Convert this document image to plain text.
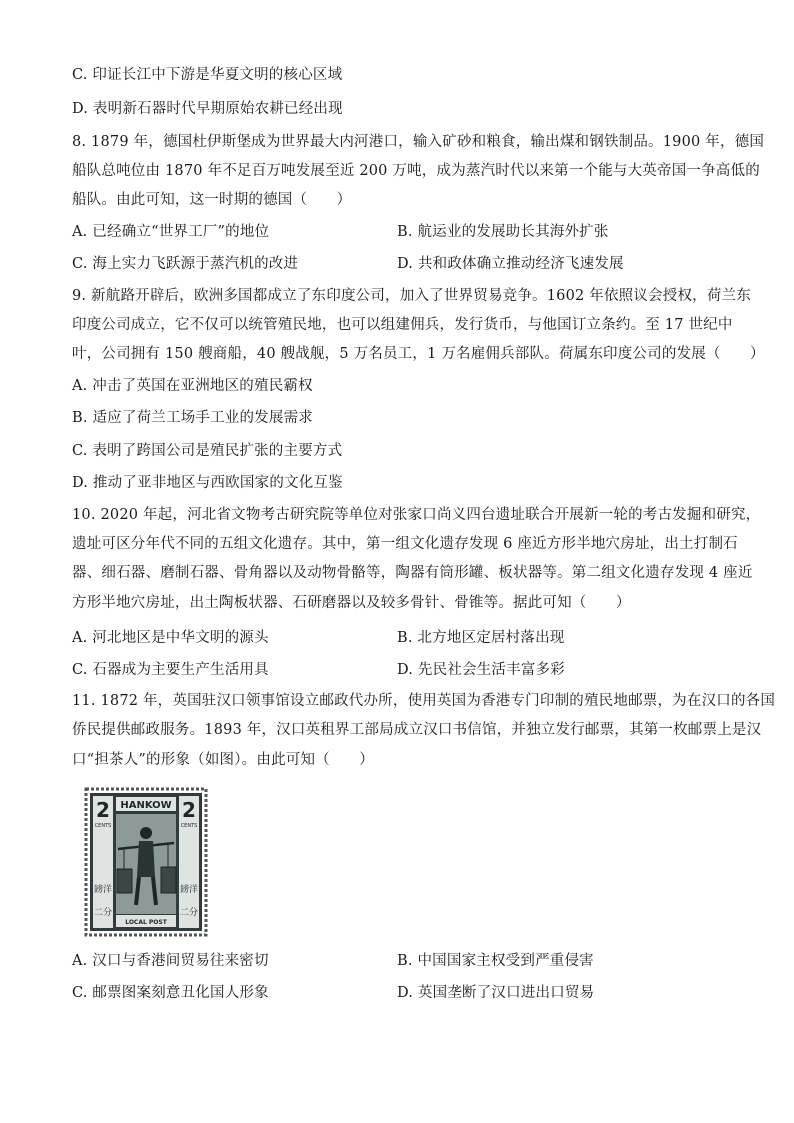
C. 印证长江中下游是华夏文明的核心区域
D. 表明新石器时代早期原始农耕已经出现
8. 1879 年，德国杜伊斯堡成为世界最大内河港口，输入矿砂和粮食，输出煤和钢铁制品。1900 年，德国
船队总吨位由 1870 年不足百万吨发展至近 200 万吨，成为蒸汽时代以来第一个能与大英帝国一争高低的
船队。由此可知，这一时期的德国（　　）
A. 已经确立“世界工厂”的地位	B. 航运业的发展助长其海外扩张
C. 海上实力飞跃源于蒸汽机的改进	D. 共和政体确立推动经济飞速发展
9. 新航路开辟后，欧洲多国都成立了东印度公司，加入了世界贸易竞争。1602 年依照议会授权，荷兰东
印度公司成立，它不仅可以统管殖民地，也可以组建佣兵，发行货币，与他国订立条约。至 17 世纪中
叶，公司拥有 150 艘商船，40 艘战舰，5 万名员工，1 万名雇佣兵部队。荷属东印度公司的发展（　　）
A. 冲击了英国在亚洲地区的殖民霸权
B. 适应了荷兰工场手工业的发展需求
C. 表明了跨国公司是殖民扩张的主要方式
D. 推动了亚非地区与西欧国家的文化互鉴
10. 2020 年起，河北省文物考古研究院等单位对张家口尚义四台遗址联合开展新一轮的考古发掘和研究，
遗址可区分年代不同的五组文化遗存。其中，第一组文化遗存发现 6 座近方形半地穴房址，出土打制石
器、细石器、磨制石器、骨角器以及动物骨骼等，陶器有筒形罐、板状器等。第二组文化遗存发现 4 座近
方形半地穴房址，出土陶板状器、石研磨器以及较多骨针、骨锥等。据此可知（　　）
A. 河北地区是中华文明的源头	B. 北方地区定居村落出现
C. 石器成为主要生产生活用具	D. 先民社会生活丰富多彩
11. 1872 年，英国驻汉口领事馆设立邮政代办所，使用英国为香港专门印制的殖民地邮票，为在汉口的各国
侨民提供邮政服务。1893 年，汉口英租界工部局成立汉口书信馆，并独立发行邮票，其第一枚邮票上是汉
口“担茶人”的形象（如图）。由此可知（　　）
HANKOW
2	2
CENTS	CENTS
鎊洋	鎊洋
二分	二分
LOCAL POST
A. 汉口与香港间贸易往来密切	B. 中国国家主权受到严重侵害
C. 邮票图案刻意丑化国人形象	D. 英国垄断了汉口进出口贸易
